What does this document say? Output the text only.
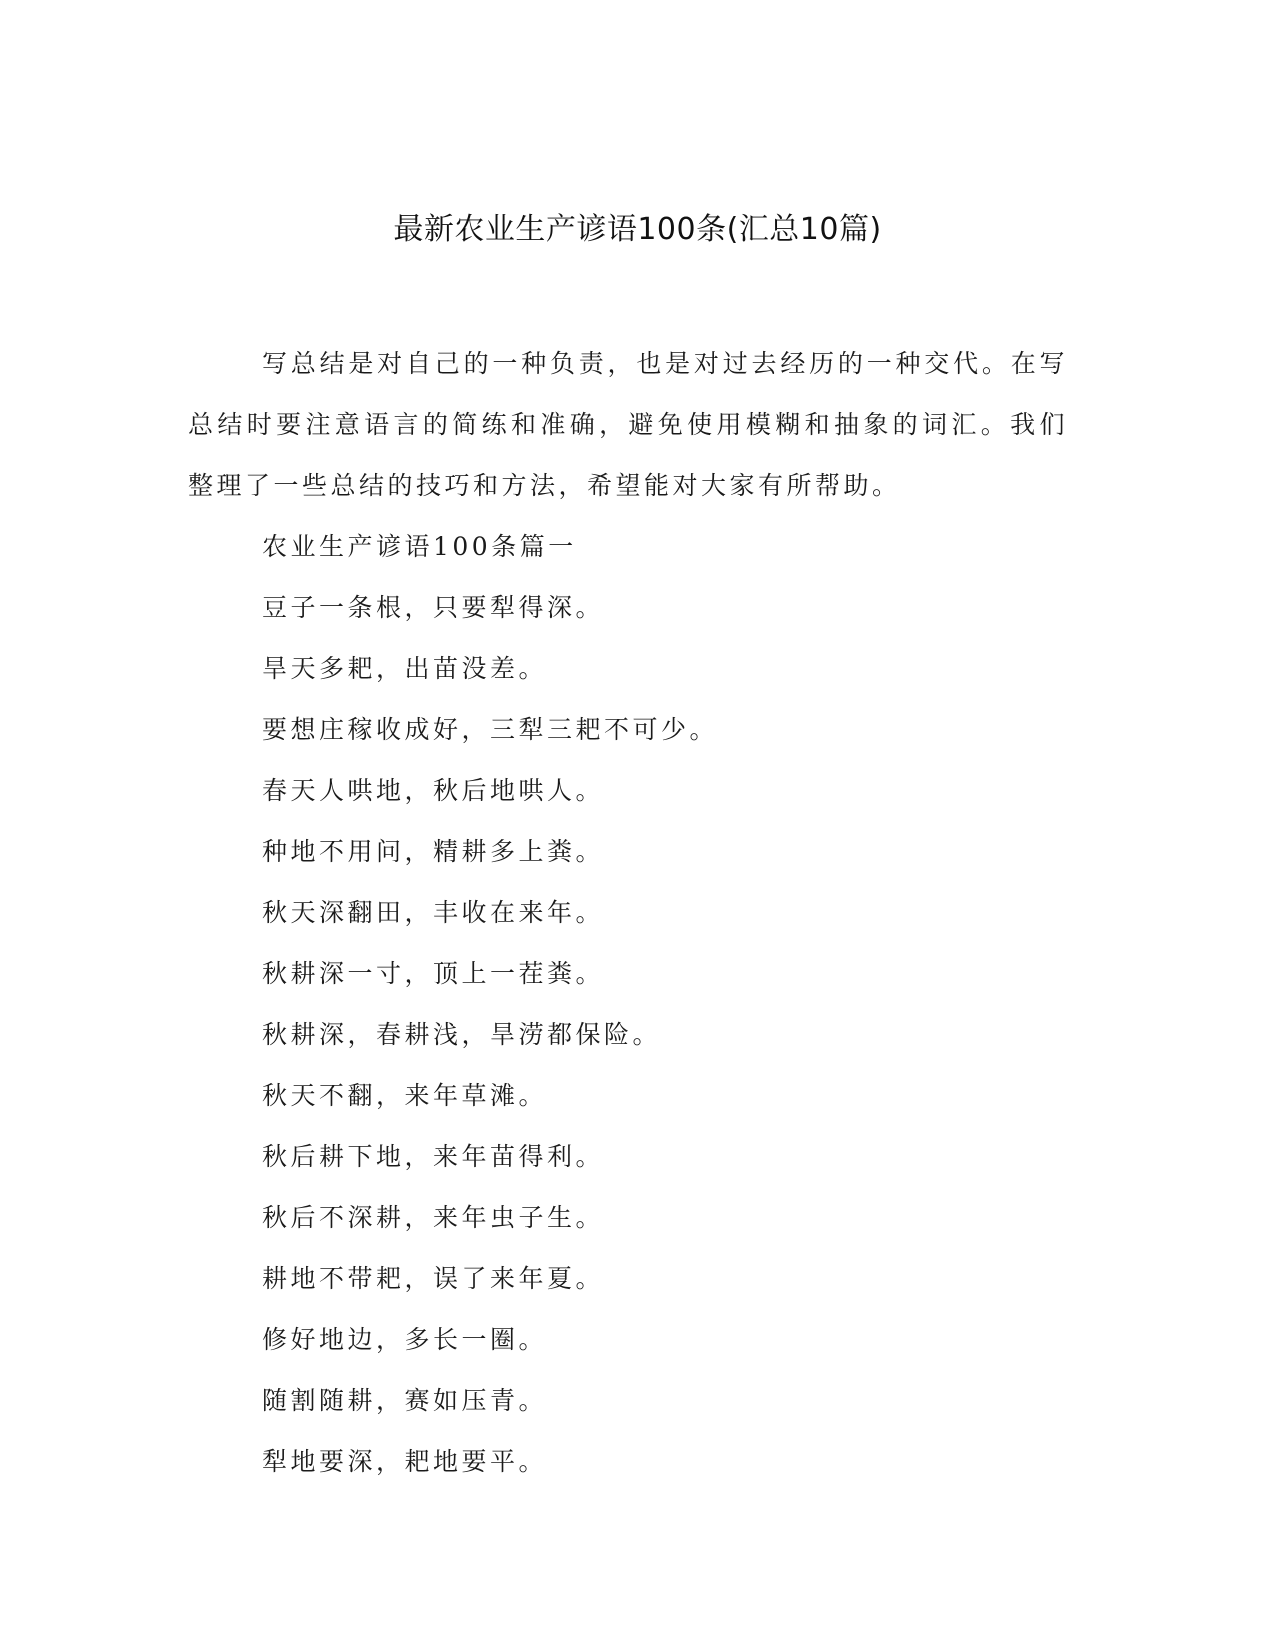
最新农业生产谚语100条(汇总10篇)

写总结是对自己的一种负责，也是对过去经历的一种交代。在写总结时要注意语言的简练和准确，避免使用模糊和抽象的词汇。我们整理了一些总结的技巧和方法，希望能对大家有所帮助。

农业生产谚语100条篇一

豆子一条根，只要犁得深。

旱天多耙，出苗没差。

要想庄稼收成好，三犁三耙不可少。

春天人哄地，秋后地哄人。

种地不用问，精耕多上粪。

秋天深翻田，丰收在来年。

秋耕深一寸，顶上一茬粪。

秋耕深，春耕浅，旱涝都保险。

秋天不翻，来年草滩。

秋后耕下地，来年苗得利。

秋后不深耕，来年虫子生。

耕地不带耙，误了来年夏。

修好地边，多长一圈。

随割随耕，赛如压青。

犁地要深，耙地要平。
